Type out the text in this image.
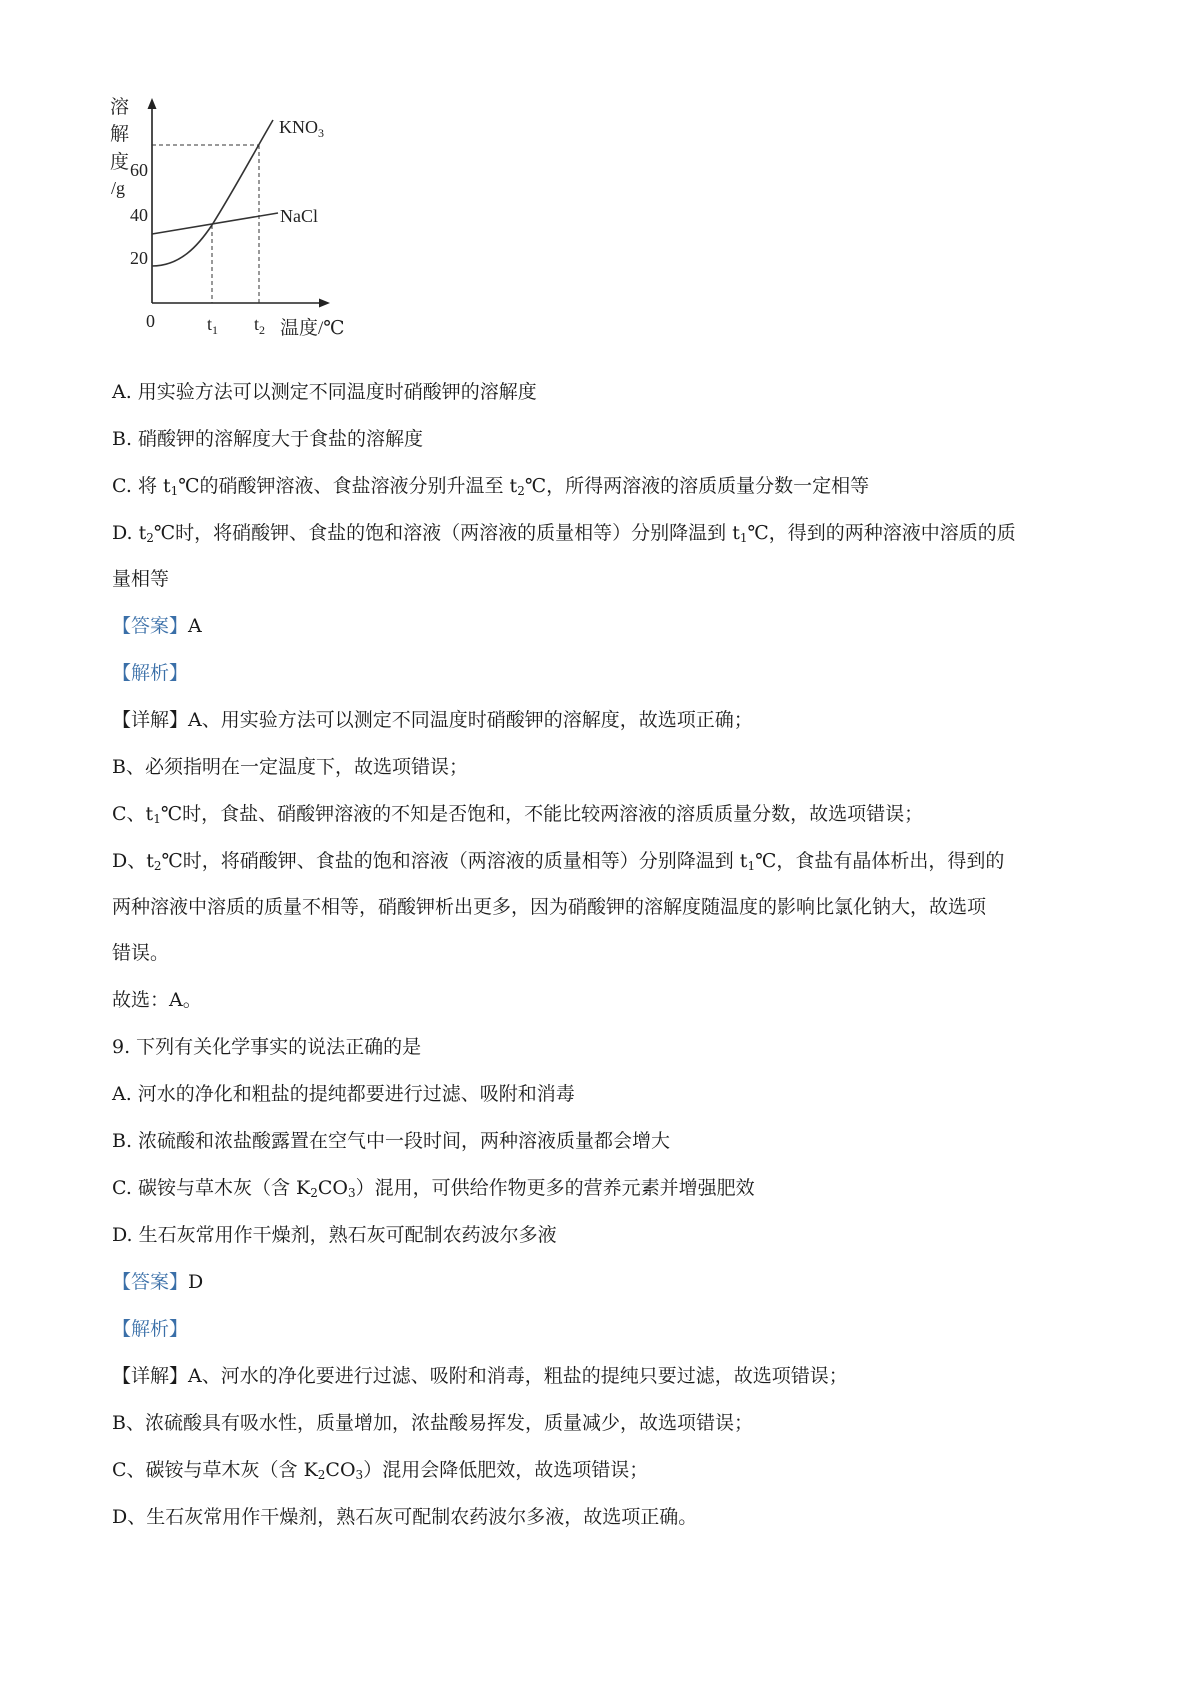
溶
解
度
/g
60
40
20
$KNO_3$
NaCl
0	$t_1$ $t_2$ 温度/℃

A. 用实验方法可以测定不同温度时硝酸钾的溶解度

B. 硝酸钾的溶解度大于食盐的溶解度

C. 将 $t_1℃$的硝酸钾溶液、食盐溶液分别升温至 $t_2℃$，所得两溶液的溶质质量分数一定相等

D. $t_2℃$时，将硝酸钾、食盐的饱和溶液（两溶液的质量相等）分别降温到 $t_1℃$，得到的两种溶液中溶质的质

量相等

【答案】A

【解析】

【详解】A、用实验方法可以测定不同温度时硝酸钾的溶解度，故选项正确；

B、必须指明在一定温度下，故选项错误；

C、$t_1℃$时，食盐、硝酸钾溶液的不知是否饱和，不能比较两溶液的溶质质量分数，故选项错误；

D、$t_2℃$时，将硝酸钾、食盐的饱和溶液（两溶液的质量相等）分别降温到 $t_1℃$，食盐有晶体析出，得到的

两种溶液中溶质的质量不相等，硝酸钾析出更多，因为硝酸钾的溶解度随温度的影响比氯化钠大，故选项

错误。

故选：A。

9. 下列有关化学事实的说法正确的是

A. 河水的净化和粗盐的提纯都要进行过滤、吸附和消毒

B. 浓硫酸和浓盐酸露置在空气中一段时间，两种溶液质量都会增大

C. 碳铵与草木灰（含 $K_2CO_3$）混用，可供给作物更多的营养元素并增强肥效

D. 生石灰常用作干燥剂，熟石灰可配制农药波尔多液

【答案】D

【解析】

【详解】A、河水的净化要进行过滤、吸附和消毒，粗盐的提纯只要过滤，故选项错误；

B、浓硫酸具有吸水性，质量增加，浓盐酸易挥发，质量减少，故选项错误；

C、碳铵与草木灰（含 $K_2CO_3$）混用会降低肥效，故选项错误；

D、生石灰常用作干燥剂，熟石灰可配制农药波尔多液，故选项正确。
